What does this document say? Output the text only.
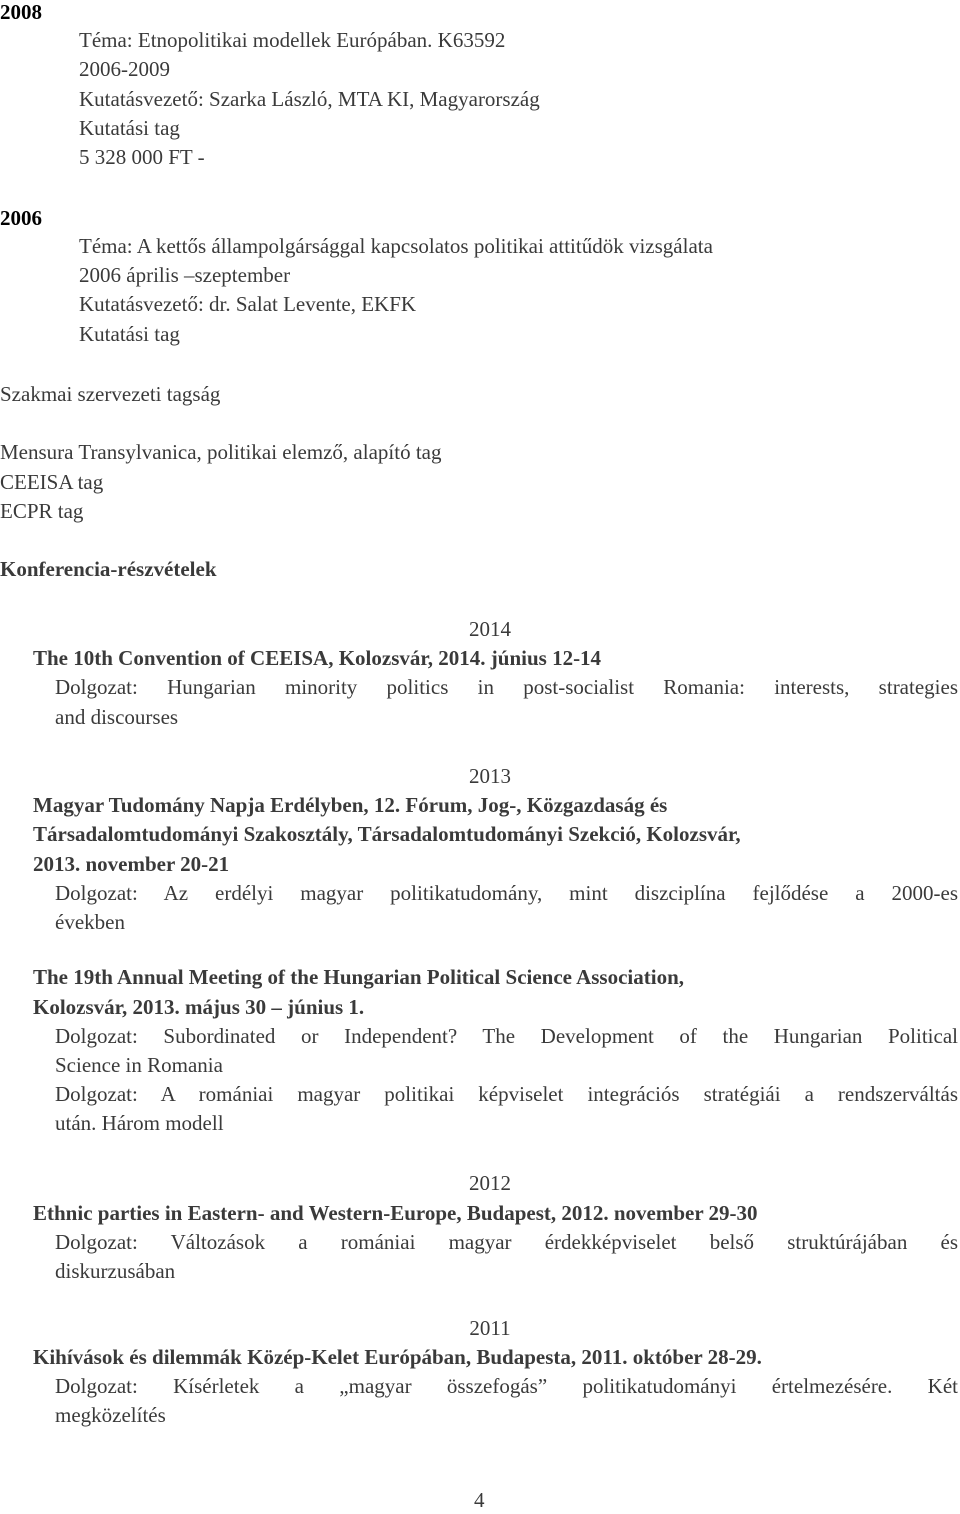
2008
Téma: Etnopolitikai modellek Európában. K63592
2006-2009
Kutatásvezető: Szarka László, MTA KI, Magyarország
Kutatási tag
5 328 000 FT -
2006
Téma: A kettős állampolgársággal kapcsolatos politikai attitűdök vizsgálata
2006 április –szeptember
Kutatásvezető: dr. Salat Levente, EKFK
Kutatási tag
Szakmai szervezeti tagság
Mensura Transylvanica, politikai elemző, alapító tag
CEEISA tag
ECPR tag
Konferencia-részvételek
2014
The 10th Convention of CEEISA, Kolozsvár, 2014. június 12-14
Dolgozat: Hungarian minority politics in post-socialist Romania: interests, strategies
and discourses
2013
Magyar Tudomány Napja Erdélyben, 12. Fórum, Jog-, Közgazdaság és
Társadalomtudományi Szakosztály, Társadalomtudományi Szekció, Kolozsvár,
2013. november 20-21
Dolgozat: Az erdélyi magyar politikatudomány, mint diszciplína fejlődése a 2000-es
években
The 19th Annual Meeting of the Hungarian Political Science Association,
Kolozsvár, 2013. május 30 – június 1.
Dolgozat: Subordinated or Independent? The Development of the Hungarian Political
Science in Romania
Dolgozat: A romániai magyar politikai képviselet integrációs stratégiái a rendszerváltás
után. Három modell
2012
Ethnic parties in Eastern- and Western-Europe, Budapest, 2012. november 29-30
Dolgozat: Változások a romániai magyar érdekképviselet belső struktúrájában és
diskurzusában
2011
Kihívások és dilemmák Közép-Kelet Európában, Budapesta, 2011. október 28-29.
Dolgozat: Kísérletek a „magyar összefogás” politikatudományi értelmezésére. Két
megközelítés
4
